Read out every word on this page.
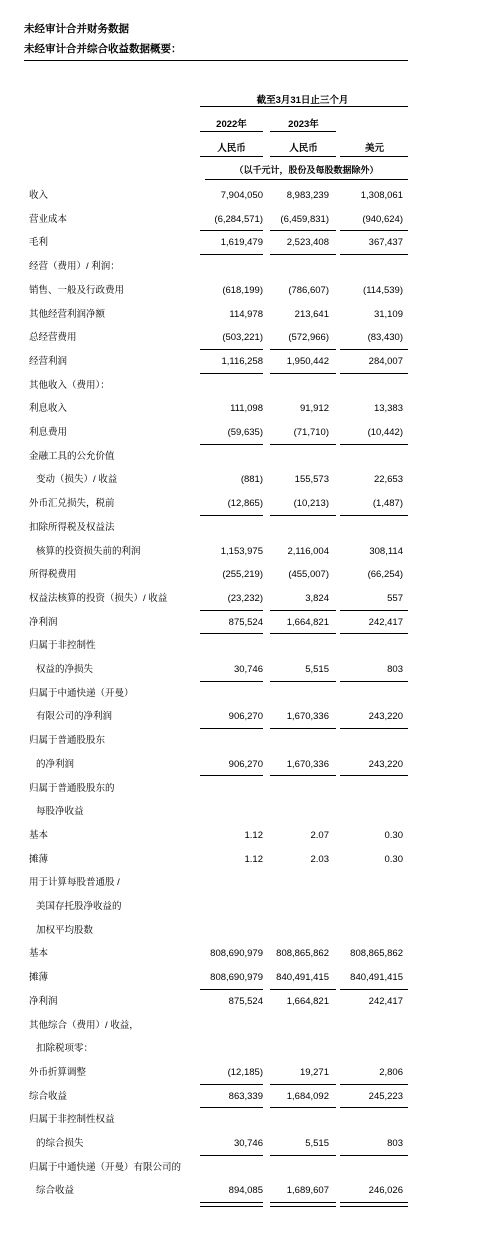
未经审计合并财务数据
未经审计合并综合收益数据概要：
截至3月31日止三个月
2022年	2023年
人民币	人民币	美元
（以千元计，股份及每股数据除外）
收入	7,904,050	8,983,239	1,308,061
营业成本	(6,284,571)	(6,459,831)	(940,624)
毛利	1,619,479	2,523,408	367,437
经营（费用）/ 利润：
销售、一般及行政费用	(618,199)	(786,607)	(114,539)
其他经营利润净额	114,978	213,641	31,109
总经营费用	(503,221)	(572,966)	(83,430)
经营利润	1,116,258	1,950,442	284,007
其他收入（费用）：
利息收入	111,098	91,912	13,383
利息费用	(59,635)	(71,710)	(10,442)
金融工具的公允价值
变动（损失）/ 收益	(881)	155,573	22,653
外币汇兑损失，税前	(12,865)	(10,213)	(1,487)
扣除所得税及权益法
核算的投资损失前的利润	1,153,975	2,116,004	308,114
所得税费用	(255,219)	(455,007)	(66,254)
权益法核算的投资（损失）/ 收益	(23,232)	3,824	557
净利润	875,524	1,664,821	242,417
归属于非控制性
权益的净损失	30,746	5,515	803
归属于中通快递（开曼）
有限公司的净利润	906,270	1,670,336	243,220
归属于普通股股东
的净利润	906,270	1,670,336	243,220
归属于普通股股东的
每股净收益
基本	1.12	2.07	0.30
摊薄	1.12	2.03	0.30
用于计算每股普通股 /
美国存托股净收益的
加权平均股数
基本	808,690,979	808,865,862	808,865,862
摊薄	808,690,979	840,491,415	840,491,415
净利润	875,524	1,664,821	242,417
其他综合（费用）/ 收益，
扣除税项零：
外币折算调整	(12,185)	19,271	2,806
综合收益	863,339	1,684,092	245,223
归属于非控制性权益
的综合损失	30,746	5,515	803
归属于中通快递（开曼）有限公司的
综合收益	894,085	1,689,607	246,026
